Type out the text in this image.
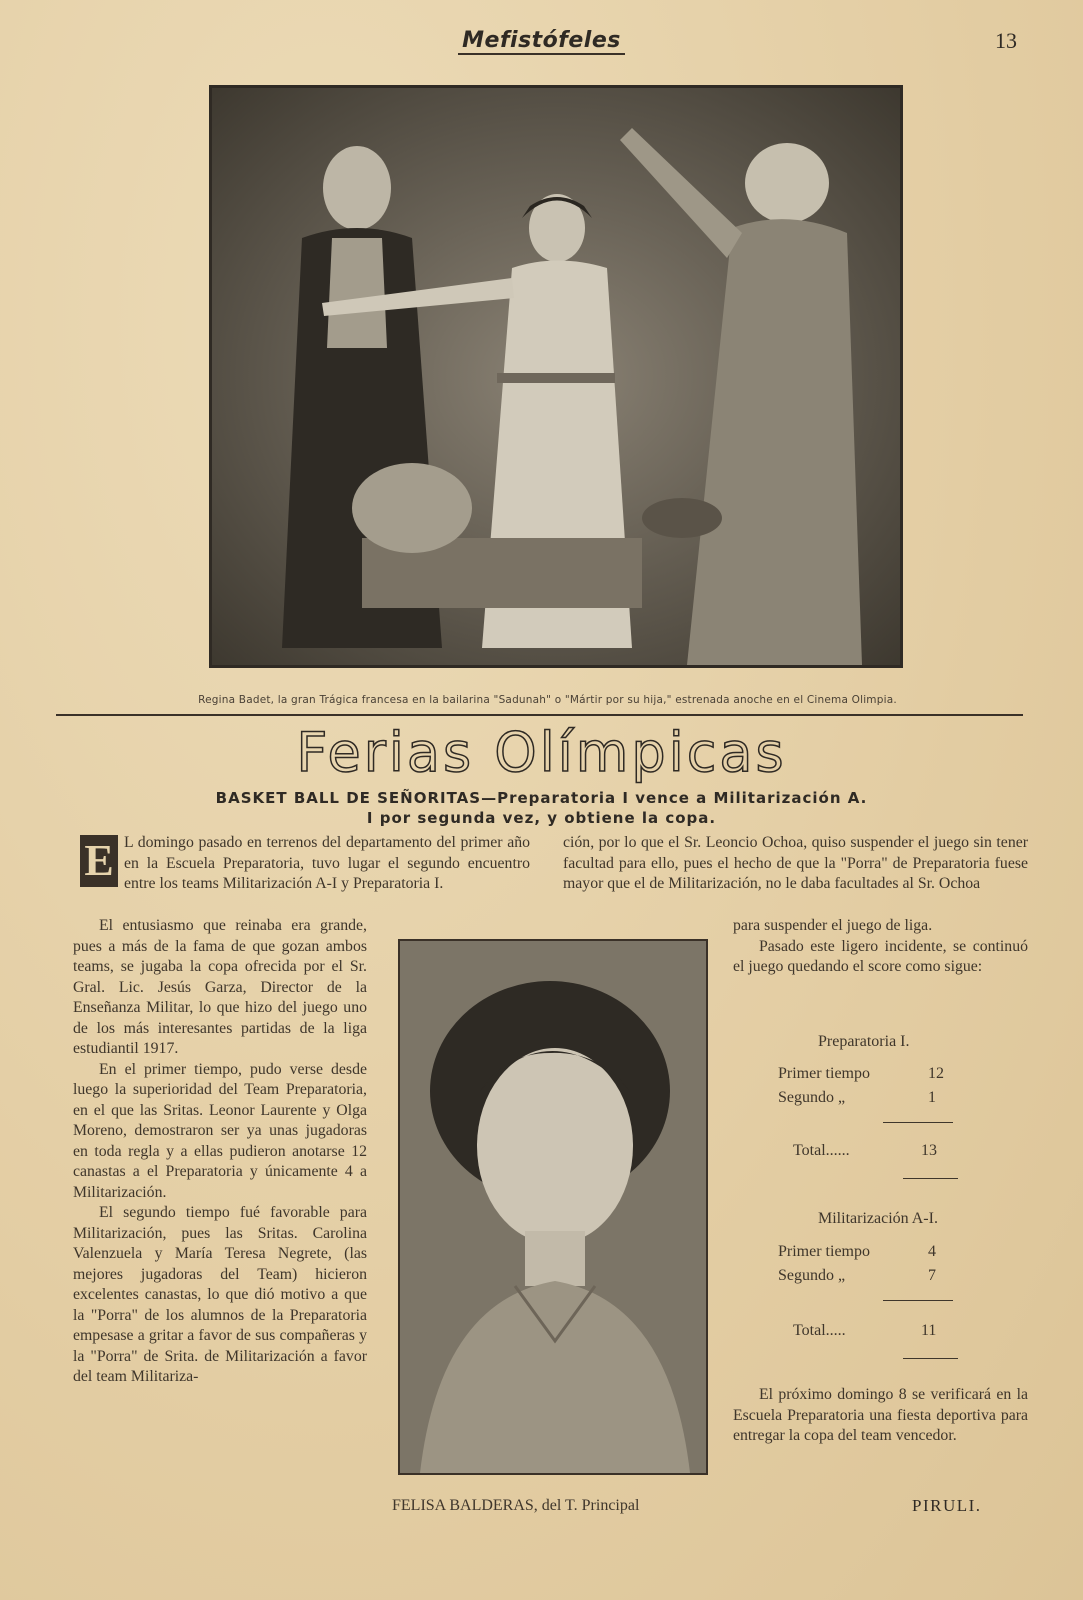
Mefistófeles	13
Regina Badet, la gran Trágica francesa en la bailarina "Sadunah" o "Mártir por su hija," estrenada anoche en el Cinema Olimpia.
Ferias Olímpicas
BASKET BALL DE SEÑORITAS—Preparatoria I vence a Militarización A.
I por segunda vez, y obtiene la copa.
E L domingo pasado en terrenos del departamento del primer año en la Escuela Preparatoria, tuvo lugar el segundo encuentro entre los teams Militarización A-I y Preparatoria I.

El entusiasmo que reinaba era grande, pues a más de la fama de que gozan ambos teams, se jugaba la copa ofrecida por el Sr. Gral. Lic. Jesús Garza, Director de la Enseñanza Militar, lo que hizo del juego uno de los más interesantes partidas de la liga estudiantil 1917.

En el primer tiempo, pudo verse desde luego la superioridad del Team Preparatoria, en el que las Sritas. Leonor Laurente y Olga Moreno, demostraron ser ya unas jugadoras en toda regla y a ellas pudieron anotarse 12 canastas a el Preparatoria y únicamente 4 a Militarización.

El segundo tiempo fué favorable para Militarización, pues las Sritas. Carolina Valenzuela y María Teresa Negrete, (las mejores jugadoras del Team) hicieron excelentes canastas, lo que dió motivo a que la "Porra" de los alumnos de la Preparatoria empesase a gritar a favor de sus compañeras y la "Porra" de Srita. de Militarización a favor del team Militariza-

ción, por lo que el Sr. Leoncio Ochoa, quiso suspender el juego sin tener facultad para ello, pues el hecho de que la "Porra" de Preparatoria fuese mayor que el de Militarización, no le daba facultades al Sr. Ochoa

FELISA BALDERAS, del T. Principal

para suspender el juego de liga.

Pasado este ligero incidente, se continuó el juego quedando el score como sigue:

Preparatoria I.
Primer tiempo	12
Segundo „	1
Total......	13
Militarización A-I.
Primer tiempo	4
Segundo „	7
Total.....	11

El próximo domingo 8 se verificará en la Escuela Preparatoria una fiesta deportiva para entregar la copa del team vencedor.

PIRULI.
